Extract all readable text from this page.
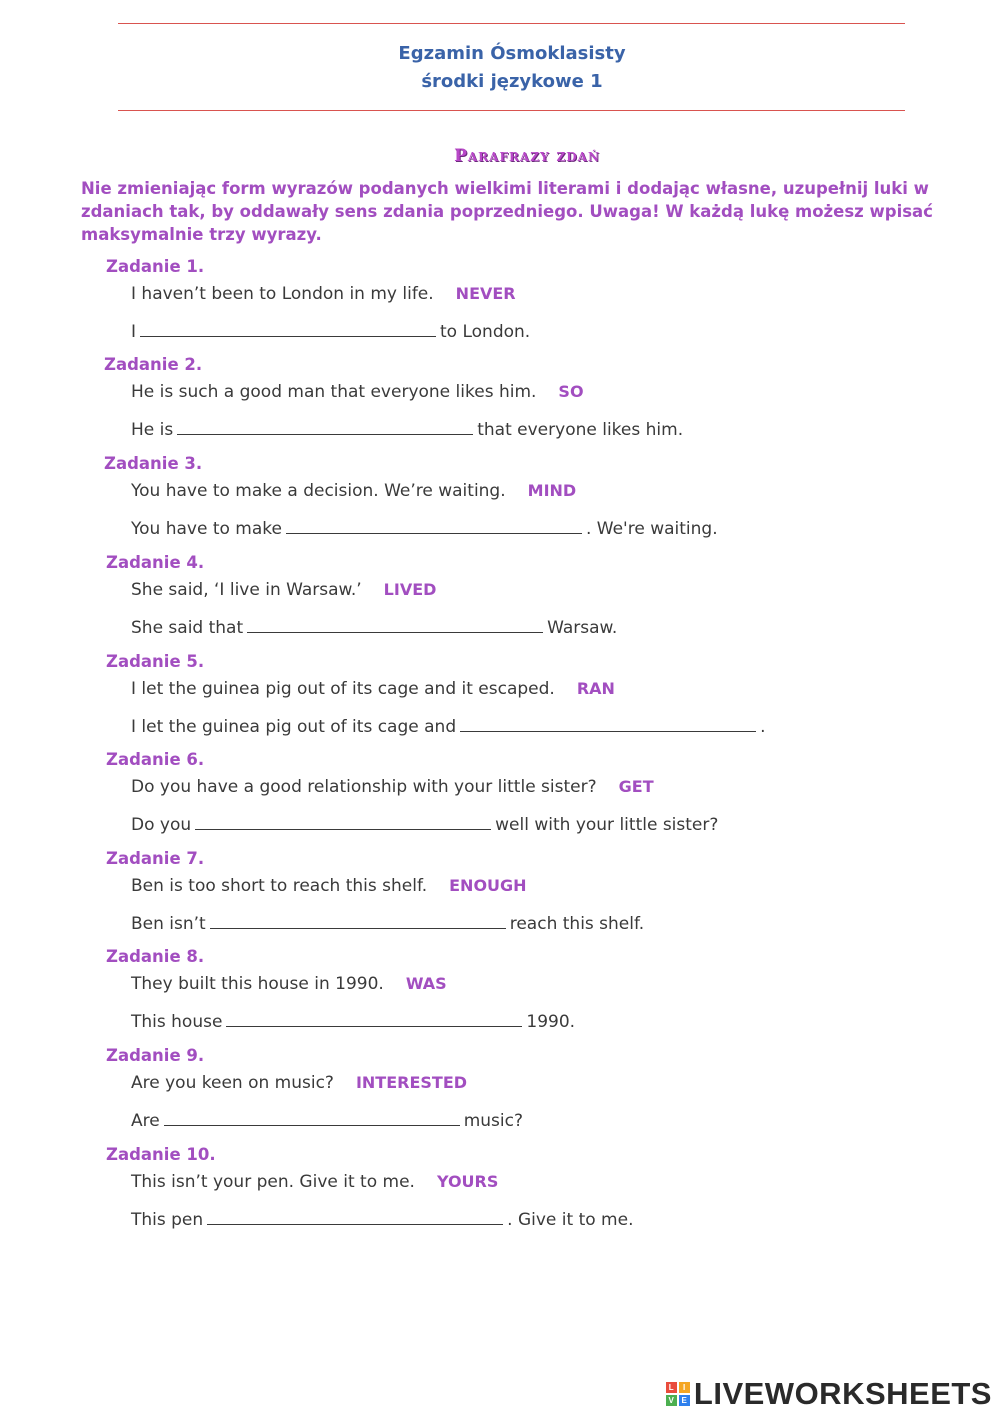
Egzamin Ósmoklasisty
środki językowe 1
Parafrazy zdań
Nie zmieniając form wyrazów podanych wielkimi literami i dodając własne, uzupełnij luki w zdaniach tak, by oddawały sens zdania poprzedniego. Uwaga! W każdą lukę możesz wpisać maksymalnie trzy wyrazy.
Zadanie 1.
I haven’t been to London in my life. NEVER
I	to London.
Zadanie 2.
He is such a good man that everyone likes him. SO
He is	that everyone likes him.
Zadanie 3.
You have to make a decision. We’re waiting. MIND
You have to make	. We're waiting.
Zadanie 4.
She said, ‘I live in Warsaw.’ LIVED
She said that	Warsaw.
Zadanie 5.
I let the guinea pig out of its cage and it escaped. RAN
I let the guinea pig out of its cage and	.
Zadanie 6.
Do you have a good relationship with your little sister? GET
Do you	well with your little sister?
Zadanie 7.
Ben is too short to reach this shelf. ENOUGH
Ben isn’t	reach this shelf.
Zadanie 8.
They built this house in 1990. WAS
This house	1990.
Zadanie 9.
Are you keen on music? INTERESTED
Are	music?
Zadanie 10.
This isn’t your pen. Give it to me. YOURS
This pen	. Give it to me.
L	I
V E LIVEWORKSHEETS
